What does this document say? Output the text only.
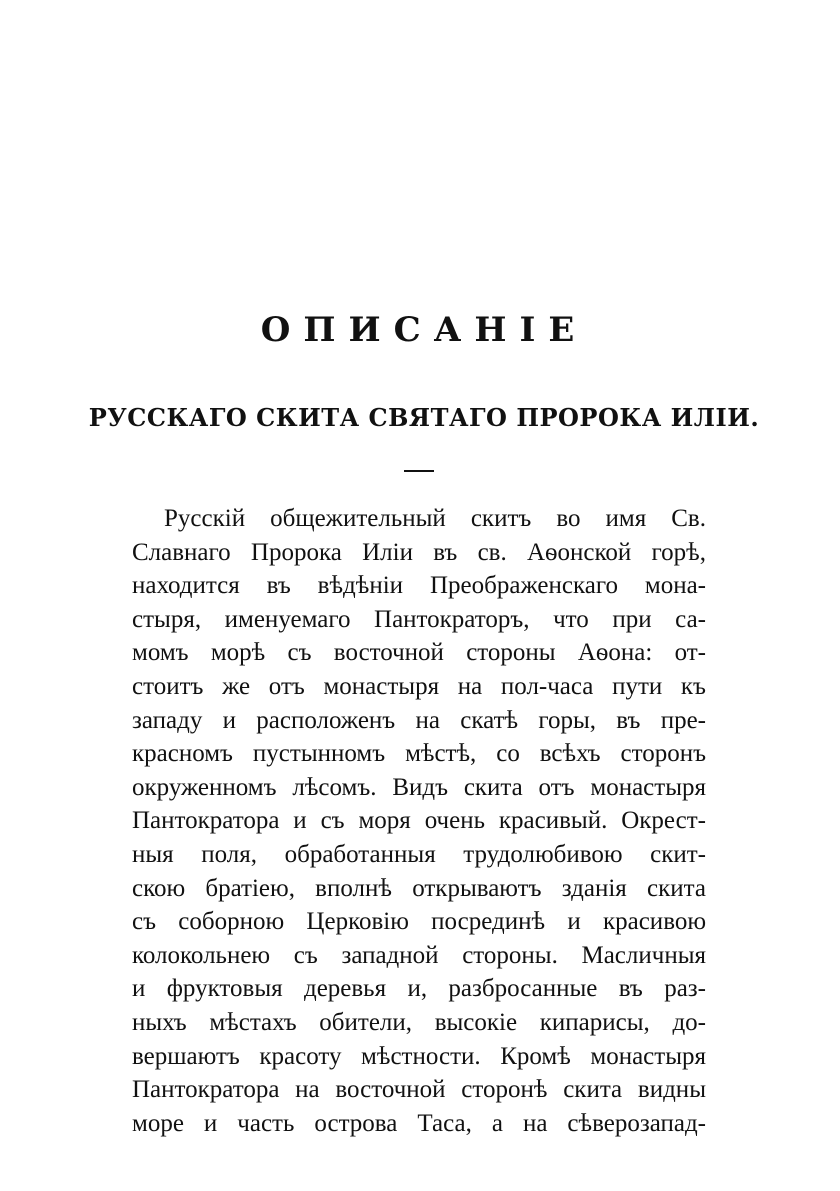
ОПИСАНІЕ
РУССКАГО СКИТА СВЯТАГО ПРОРОКА ИЛІИ.
Русскій общежительный скитъ во имя Св.
Славнаго Пророка Иліи въ св. Аѳонской горѣ,
находится въ вѣдѣніи Преображенскаго мона-
стыря, именуемаго Пантократоръ, что при са-
момъ морѣ съ восточной стороны Аѳона: от-
стоитъ же отъ монастыря на пол-часа пути къ
западу и расположенъ на скатѣ горы, въ пре-
красномъ пустынномъ мѣстѣ, со всѣхъ сторонъ
окруженномъ лѣсомъ. Видъ скита отъ монастыря
Пантократора и съ моря очень красивый. Окрест-
ныя поля, обработанныя трудолюбивою скит-
скою братіею, вполнѣ открываютъ зданія скита
съ соборною Церковію посрединѣ и красивою
колокольнею съ западной стороны. Масличныя
и фруктовыя деревья и, разбросанные въ раз-
ныхъ мѣстахъ обители, высокіе кипарисы, до-
вершаютъ красоту мѣстности. Кромѣ монастыря
Пантократора на восточной сторонѣ скита видны
море и часть острова Таса, а на сѣверозапад-
